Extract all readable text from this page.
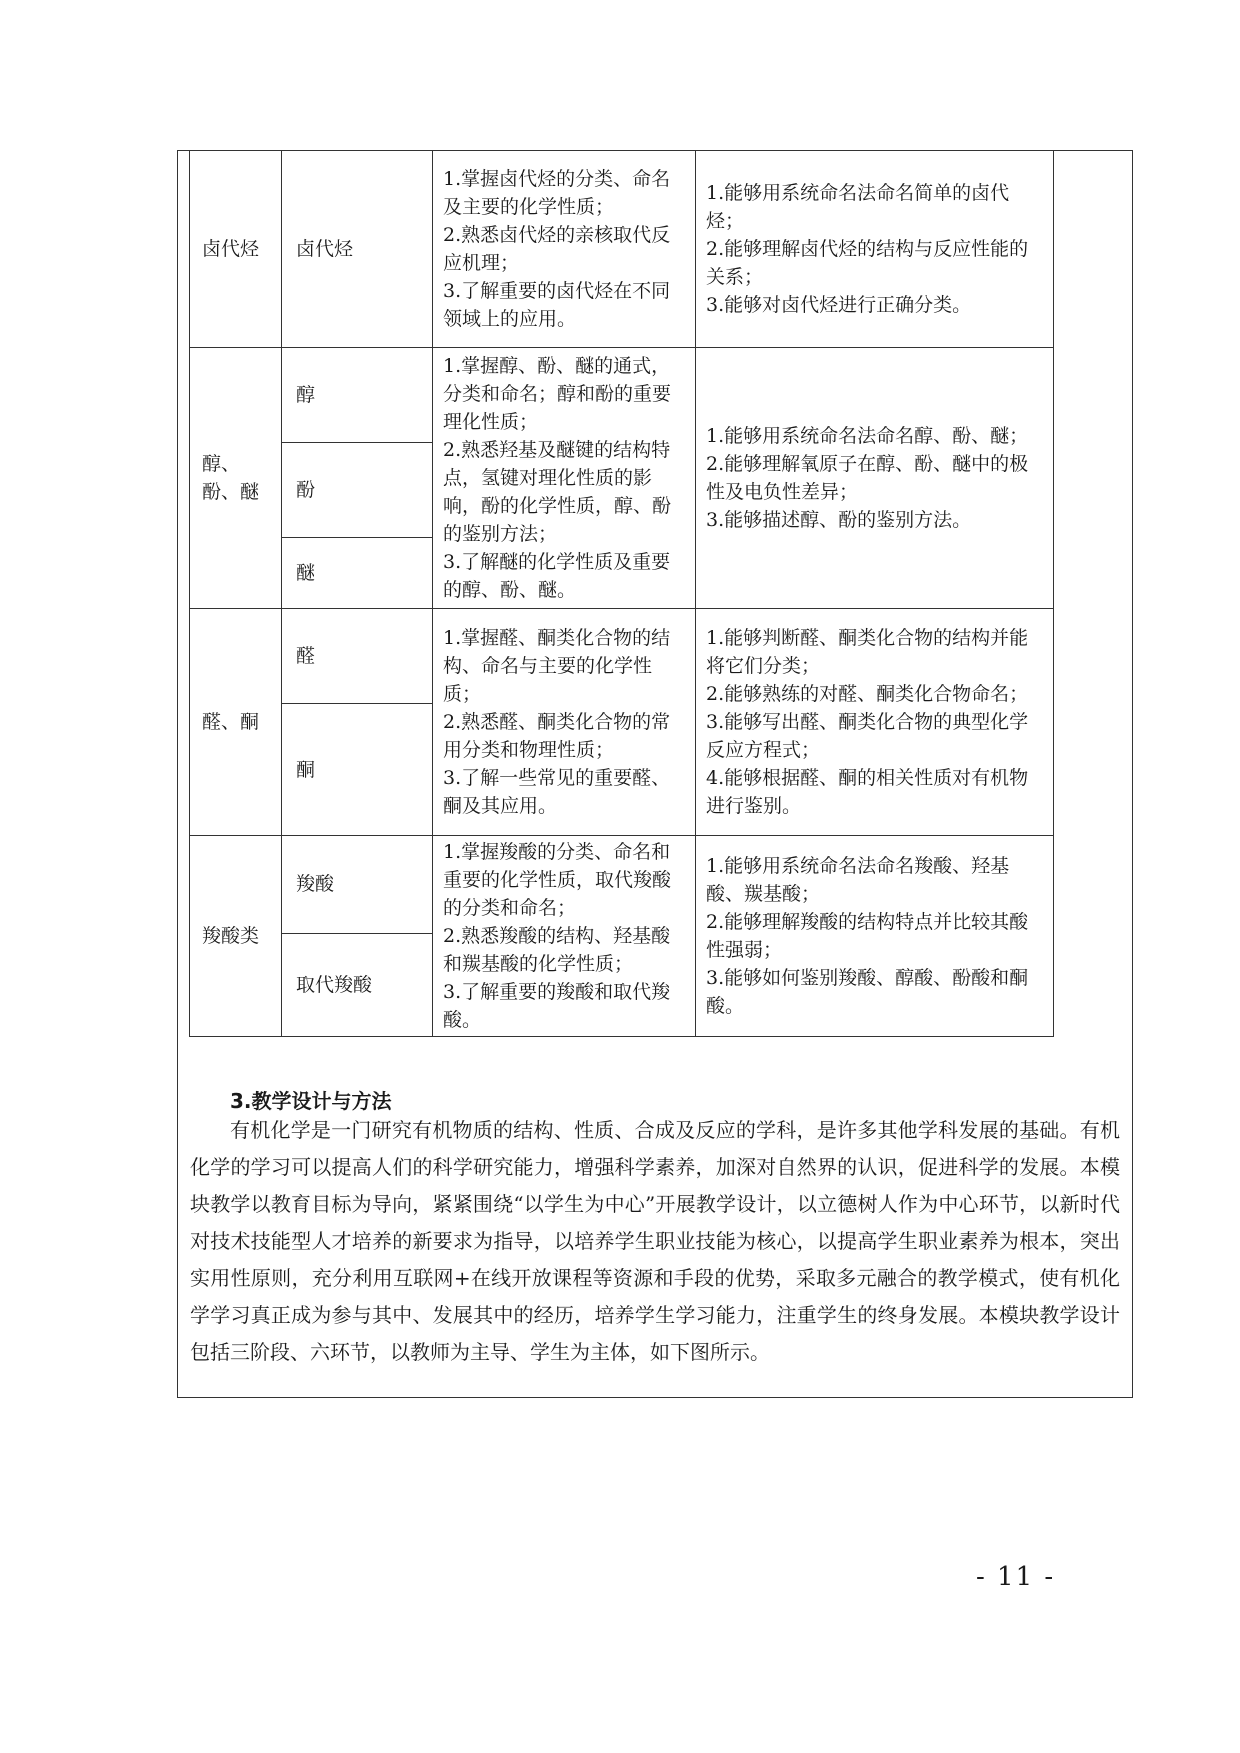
卤代烃	卤代烃	1.掌握卤代烃的分类、命名及主要的化学性质；
2.熟悉卤代烃的亲核取代反应机理；
3.了解重要的卤代烃在不同领域上的应用。	1.能够用系统命名法命名简单的卤代烃；
2.能够理解卤代烃的结构与反应性能的关系；
3.能够对卤代烃进行正确分类。

醇、酚、醚	醇	1.掌握醇、酚、醚的通式，分类和命名；醇和酚的重要理化性质；
2.熟悉羟基及醚键的结构特点，氢键对理化性质的影响，酚的化学性质，醇、酚的鉴别方法；
3.了解醚的化学性质及重要的醇、酚、醚。	1.能够用系统命名法命名醇、酚、醚；
2.能够理解氧原子在醇、酚、醚中的极性及电负性差异；
3.能够描述醇、酚的鉴别方法。

	酚		
	醚		
醛、酮	醛	1.掌握醛、酮类化合物的结构、命名与主要的化学性质；
2.熟悉醛、酮类化合物的常用分类和物理性质；
3.了解一些常见的重要醛、酮及其应用。	1.能够判断醛、酮类化合物的结构并能将它们分类；
2.能够熟练的对醛、酮类化合物命名；
3.能够写出醛、酮类化合物的典型化学反应方程式；
4.能够根据醛、酮的相关性质对有机物进行鉴别。

	酮		
羧酸类	羧酸	1.掌握羧酸的分类、命名和重要的化学性质，取代羧酸的分类和命名；
2.熟悉羧酸的结构、羟基酸和羰基酸的化学性质；
3.了解重要的羧酸和取代羧酸。	1.能够用系统命名法命名羧酸、羟基酸、羰基酸；
2.能够理解羧酸的结构特点并比较其酸性强弱；
3.能够如何鉴别羧酸、醇酸、酚酸和酮酸。

	取代羧酸		
3.教学设计与方法

有机化学是一门研究有机物质的结构、性质、合成及反应的学科，是许多其他学科发展的基础。有机化学的学习可以提高人们的科学研究能力，增强科学素养，加深对自然界的认识，促进科学的发展。本模块教学以教育目标为导向，紧紧围绕“以学生为中心”开展教学设计，以立德树人作为中心环节，以新时代对技术技能型人才培养的新要求为指导，以培养学生职业技能为核心，以提高学生职业素养为根本，突出实用性原则，充分利用互联网+在线开放课程等资源和手段的优势，采取多元融合的教学模式，使有机化学学习真正成为参与其中、发展其中的经历，培养学生学习能力，注重学生的终身发展。本模块教学设计包括三阶段、六环节，以教师为主导、学生为主体，如下图所示。

- 11 -
